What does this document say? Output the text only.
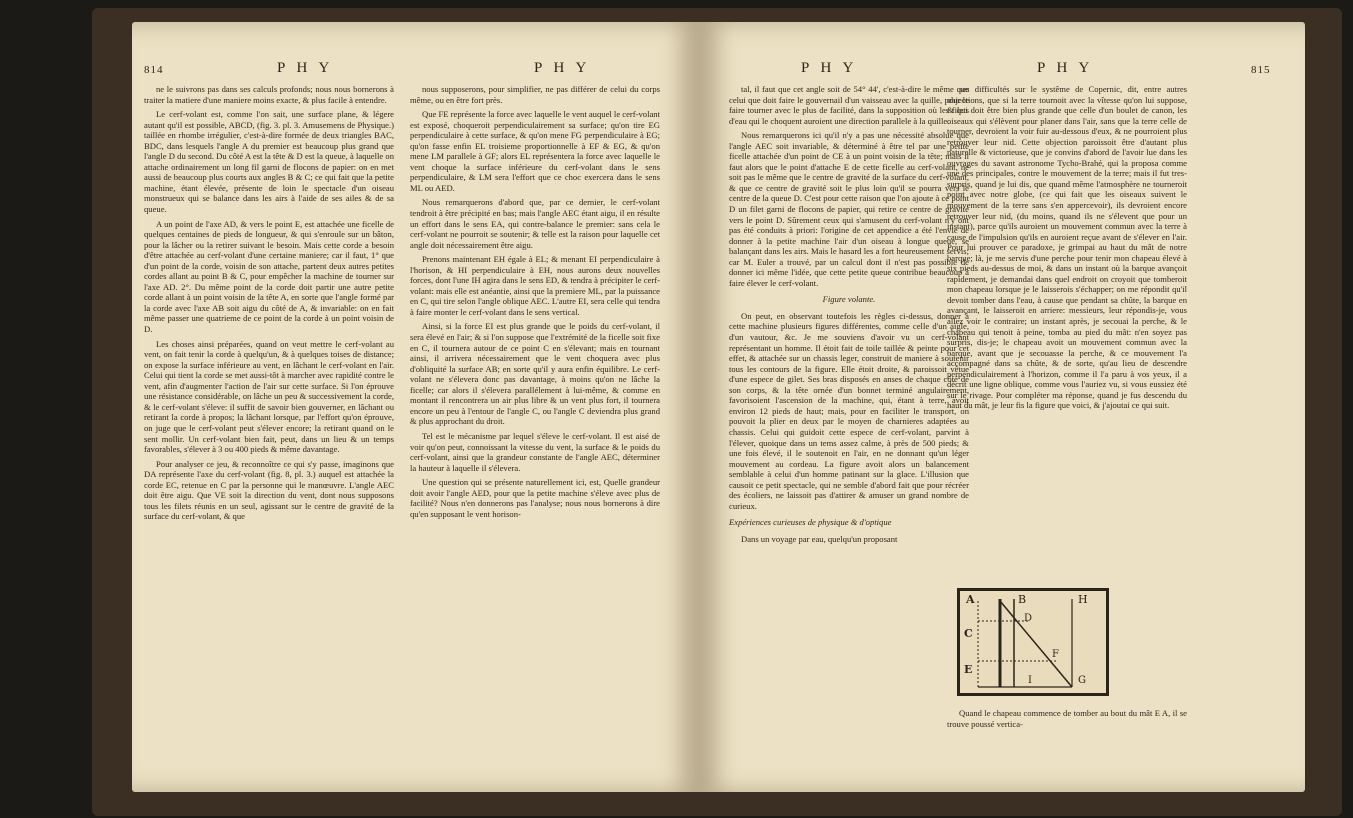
814	P H Y	P H Y

ne le suivrons pas dans ses calculs profonds; nous nous bornerons à traiter la matiere d'une maniere moins exacte, & plus facile à entendre.

Le cerf-volant est, comme l'on sait, une surface plane, & légere autant qu'il est possible, ABCD, (fig. 3. pl. 3. Amusemens de Physique.) taillée en rhombe irrégulier, c'est-à-dire formée de deux triangles BAC, BDC, dans lesquels l'angle A du premier est beaucoup plus grand que l'angle D du second. Du côté A est la tête & D est la queue, à laquelle on attache ordinairement un long fil garni de flocons de papier: on en met aussi de beaucoup plus courts aux angles B & C; ce qui fait que la petite machine, étant élevée, présente de loin le spectacle d'un oiseau monstrueux qui se balance dans les airs à l'aide de ses ailes & de sa queue.

A un point de l'axe AD, & vers le point E, est attachée une ficelle de quelques centaines de pieds de longueur, & qui s'enroule sur un bâton, pour la lâcher ou la retirer suivant le besoin. Mais cette corde a besoin d'être attachée au cerf-volant d'une certaine maniere; car il faut, 1° que d'un point de la corde, voisin de son attache, partent deux autres petites cordes allant au point B & C, pour empêcher la machine de tourner sur l'axe AD. 2°. Du même point de la corde doit partir une autre petite corde allant à un point voisin de la tête A, en sorte que l'angle formé par la corde avec l'axe AB soit aigu du côté de A, & invariable: on en fait même passer une quatrieme de ce point de la corde à un point voisin de D.

Les choses ainsi préparées, quand on veut mettre le cerf-volant au vent, on fait tenir la corde à quelqu'un, & à quelques toises de distance; on expose la surface inférieure au vent, en lâchant le cerf-volant en l'air. Celui qui tient la corde se met aussi-tôt à marcher avec rapidité contre le vent, afin d'augmenter l'action de l'air sur cette surface. Si l'on éprouve une résistance considérable, on lâche un peu & successivement la corde, & le cerf-volant s'éleve: il suffit de savoir bien gouverner, en lâchant ou retirant la corde à propos; la lâchant lorsque, par l'effort qu'on éprouve, on juge que le cerf-volant peut s'élever encore; la retirant quand on le sent mollir. Un cerf-volant bien fait, peut, dans un lieu & un temps favorables, s'élever à 3 ou 400 pieds & même davantage.

Pour analyser ce jeu, & reconnoître ce qui s'y passe, imaginons que DA représente l'axe du cerf-volant (fig. 8, pl. 3.) auquel est attachée la corde EC, retenue en C par la personne qui le manœuvre. L'angle AEC doit être aigu. Que VE soit la direction du vent, dont nous supposons tous les filets réunis en un seul, agissant sur le centre de gravité de la surface du cerf-volant, & que

nous supposerons, pour simplifier, ne pas différer de celui du corps même, ou en être fort près.

Que FE représente la force avec laquelle le vent auquel le cerf-volant est exposé, choqueroit perpendiculairement sa surface; qu'on tire EG perpendiculaire à cette surface, & qu'on mene FG perpendiculaire à EG; qu'on fasse enfin EL troisieme proportionnelle à EF & EG, & qu'on mene LM parallele à GF; alors EL représentera la force avec laquelle le vent choque la surface inférieure du cerf-volant dans le sens perpendiculaire, & LM sera l'effort que ce choc exercera dans le sens ML ou AED.

Nous remarquerons d'abord que, par ce dernier, le cerf-volant tendroit à être précipité en bas; mais l'angle AEC étant aigu, il en résulte un effort dans le sens EA, qui contre-balance le premier: sans cela le cerf-volant ne pourroit se soutenir; & telle est la raison pour laquelle cet angle doit nécessairement être aigu.

Prenons maintenant EH égale à EL; & menant EI perpendiculaire à l'horison, & HI perpendiculaire à EH, nous aurons deux nouvelles forces, dont l'une IH agira dans le sens ED, & tendra à précipiter le cerf-volant: mais elle est anéantie, ainsi que la premiere ML, par la puissance en C, qui tire selon l'angle oblique AEC. L'autre EI, sera celle qui tendra à faire monter le cerf-volant dans le sens vertical.

Ainsi, si la force EI est plus grande que le poids du cerf-volant, il sera élevé en l'air; & si l'on suppose que l'extrémité de la ficelle soit fixe en C, il tournera autour de ce point C en s'élevant; mais en tournant ainsi, il arrivera nécessairement que le vent choquera avec plus d'obliquité la surface AB; en sorte qu'il y aura enfin équilibre. Le cerf-volant ne s'élevera donc pas davantage, à moins qu'on ne lâche la ficelle; car alors il s'élevera parallélement à lui-même, & comme en montant il rencontrera un air plus libre & un vent plus fort, il tournera encore un peu à l'entour de l'angle C, ou l'angle C deviendra plus grand & plus approchant du droit.

Tel est le mécanisme par lequel s'éleve le cerf-volant. Il est aisé de voir qu'on peut, connoissant la vitesse du vent, la surface & le poids du cerf-volant, ainsi que la grandeur constante de l'angle AEC, déterminer la hauteur à laquelle il s'élevera.

Une question qui se présente naturellement ici, est, Quelle grandeur doit avoir l'angle AED, pour que la petite machine s'éleve avec plus de facilité? Nous n'en donnerons pas l'analyse; nous nous bornerons à dire qu'en supposant le vent horison-

P H Y	P H Y	815

tal, il faut que cet angle soit de 54° 44', c'est-à-dire le même que celui que doit faire le gouvernail d'un vaisseau avec la quille, pour le faire tourner avec le plus de facilité, dans la supposition où les filets d'eau qui le choquent auroient une direction parallele à la quille.

Nous remarquerons ici qu'il n'y a pas une nécessité absolue que l'angle AEC soit invariable, & déterminé à être tel par une petite ficelle attachée d'un point de CE à un point voisin de la tête; mais il faut alors que le point d'attache E de cette ficelle au cerf-volant, ne soit pas le même que le centre de gravité de la surface du cerf-volant, & que ce centre de gravité soit le plus loin qu'il se pourra vers le centre de la queue D. C'est pour cette raison que l'on ajoute à ce point D un filet garni de flocons de papier, qui retire ce centre de gravité vers le point D. Sûrement ceux qui s'amusent du cerf-volant n'y ont pas été conduits à priori: l'origine de cet appendice a été l'envie de donner à la petite machine l'air d'un oiseau à longue queue, se balançant dans les airs. Mais le hasard les a fort heureusement servis; car M. Euler a trouvé, par un calcul dont il n'est pas possible de donner ici même l'idée, que cette petite queue contribue beaucoup à faire élever le cerf-volant.

Figure volante.

On peut, en observant toutefois les règles ci-dessus, donner à cette machine plusieurs figures différentes, comme celle d'un aigle, d'un vautour, &c. Je me souviens d'avoir vu un cerf-volant représentant un homme. Il étoit fait de toile taillée & peinte pour cet effet, & attachée sur un chassis leger, construit de maniere à soutenir tous les contours de la figure. Elle étoit droite, & paroissoit vêtue d'une espece de gilet. Ses bras disposés en anses de chaque côté de son corps, & la tête ornée d'un bonnet terminé angulairement, favorisoient l'ascension de la machine, qui, étant à terre, avoit environ 12 pieds de haut; mais, pour en faciliter le transport, on pouvoit la plier en deux par le moyen de charnieres adaptées au chassis. Celui qui guidoit cette espece de cerf-volant, parvint à l'élever, quoique dans un tems assez calme, à près de 500 pieds; & une fois élevé, il le soutenoit en l'air, en ne donnant qu'un léger mouvement au cordeau. La figure avoit alors un balancement semblable à celui d'un homme patinant sur la glace. L'illusion que causoit ce petit spectacle, qui ne semble d'abord fait que pour récréer des écoliers, ne laissoit pas d'attirer & amuser un grand nombre de curieux.

Expériences curieuses de physique & d'optique

Dans un voyage par eau, quelqu'un proposant

ses difficultés sur le systême de Copernic, dit, entre autres objections, que si la terre tournoit avec la vîtesse qu'on lui suppose, & qui doit être bien plus grande que celle d'un boulet de canon, les oiseaux qui s'élèvent pour planer dans l'air, sans que la terre celle de tourner, devroient la voir fuir au-dessous d'eux, & ne pourroient plus retrouver leur nid. Cette objection paroissoit être d'autant plus naturelle & victorieuse, que je convins d'abord de l'avoir lue dans les ouvrages du savant astronome Tycho-Brahé, qui la proposa comme une des principales, contre le mouvement de la terre; mais il fut tres-surpris, quand je lui dis, que quand même l'atmosphère ne tourneroit point avec notre globe, (ce qui fait que les oiseaux suivent le mouvement de la terre sans s'en appercevoir), ils devroient encore retrouver leur nid, (du moins, quand ils ne s'élevent que pour un instant), parce qu'ils auroient un mouvement commun avec la terre à cause de l'impulsion qu'ils en auroient reçue avant de s'élever en l'air. Pour lui prouver ce paradoxe, je grimpai au haut du mât de notre barque; là, je me servis d'une perche pour tenir mon chapeau élevé à six pieds au-dessus de moi, & dans un instant où la barque avançoit rapidement, je demandai dans quel endroit on croyoit que tomberoit mon chapeau lorsque je le laisserois s'échapper; on me répondit qu'il devoit tomber dans l'eau, à cause que pendant sa chûte, la barque en avançant, le laisseroit en arriere: messieurs, leur répondis-je, vous allez voir le contraire; un instant après, je secouai la perche, & le chapeau qui tenoit à peine, tomba au pied du mât: n'en soyez pas surpris, dis-je; le chapeau avoit un mouvement commun avec la barque, avant que je secouasse la perche, & ce mouvement l'a accompagné dans sa chûte, & de sorte, qu'au lieu de descendre perpendiculairement à l'horizon, comme il l'a paru à vos yeux, il a décrit une ligne oblique, comme vous l'auriez vu, si vous eussiez été sur le rivage. Pour compléter ma réponse, quand je fus descendu du haut du mât, je leur fis la figure que voici, & j'ajoutai ce qui suit.

A	B	H
D
C
F
E
I	G
Quand le chapeau commence de tomber au bout du mât E A, il se trouve poussé vertica-
